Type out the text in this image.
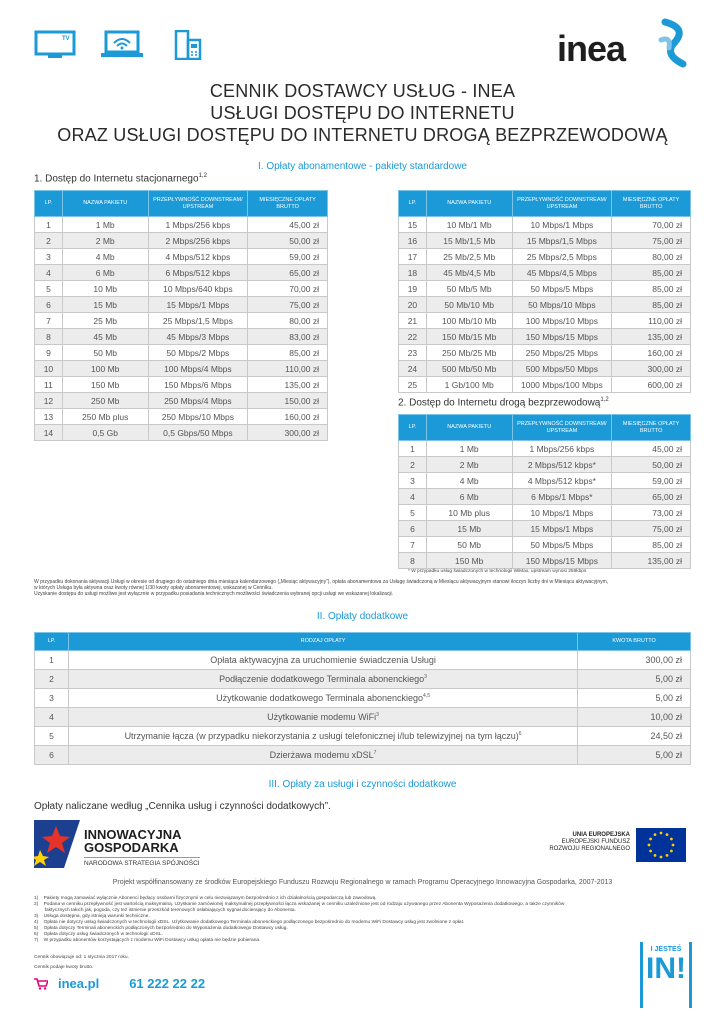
TV	inea
CENNIK DOSTAWCY USŁUG - INEA
USŁUGI DOSTĘPU DO INTERNETU
ORAZ USŁUGI DOSTĘPU DO INTERNETU DROGĄ BEZPRZEWODOWĄ
I. Opłaty abonamentowe - pakiety standardowe
1. Dostęp do Internetu stacjonarnego$^{1,2}$
LP.	NAZWA PAKIETU	PRZEPŁYWNOŚĆ DOWNSTREAM/ UPSTREAM	MIESIĘCZNE OPŁATY BRUTTO
1	1 Mb	1 Mbps/256 kbps	45,00 zł
2	2 Mb	2 Mbps/256 kbps	50,00 zł
3	4 Mb	4 Mbps/512 kbps	59,00 zł
4	6 Mb	6 Mbps/512 kbps	65,00 zł
5	10 Mb	10 Mbps/640 kbps	70,00 zł
6	15 Mb	15 Mbps/1 Mbps	75,00 zł
7	25 Mb	25 Mbps/1,5 Mbps	80,00 zł
8	45 Mb	45 Mbps/3 Mbps	83,00 zł
9	50 Mb	50 Mbps/2 Mbps	85,00 zł
10	100 Mb	100 Mbps/4 Mbps	110,00 zł
11	150 Mb	150 Mbps/6 Mbps	135,00 zł
12	250 Mb	250 Mbps/4 Mbps	150,00 zł
13	250 Mb plus	250 Mbps/10 Mbps	160,00 zł
14	0,5 Gb	0,5 Gbps/50 Mbps	300,00 zł
LP.	NAZWA PAKIETU	PRZEPŁYWNOŚĆ DOWNSTREAM/ UPSTREAM	MIESIĘCZNE OPŁATY BRUTTO
15	10 Mb/1 Mb	10 Mbps/1 Mbps	70,00 zł
16	15 Mb/1,5 Mb	15 Mbps/1,5 Mbps	75,00 zł
17	25 Mb/2,5 Mb	25 Mbps/2,5 Mbps	80,00 zł
18	45 Mb/4,5 Mb	45 Mbps/4,5 Mbps	85,00 zł
19	50 Mb/5 Mb	50 Mbps/5 Mbps	85,00 zł
20	50 Mb/10 Mb	50 Mbps/10 Mbps	85,00 zł
21	100 Mb/10 Mb	100 Mbps/10 Mbps	110,00 zł
22	150 Mb/15 Mb	150 Mbps/15 Mbps	135,00 zł
23	250 Mb/25 Mb	250 Mbps/25 Mbps	160,00 zł
24	500 Mb/50 Mb	500 Mbps/50 Mbps	300,00 zł
25	1 Gb/100 Mb	1000 Mbps/100 Mbps	600,00 zł
2. Dostęp do Internetu drogą bezprzewodową$^{1,2}$
LP.	NAZWA PAKIETU	PRZEPŁYWNOŚĆ DOWNSTREAM/ UPSTREAM	MIESIĘCZNE OPŁATY BRUTTO
1	1 Mb	1 Mbps/256 kbps	45,00 zł
2	2 Mb	2 Mbps/512 kbps*	50,00 zł
3	4 Mb	4 Mbps/512 kbps*	59,00 zł
4	6 Mb	6 Mbps/1 Mbps*	65,00 zł
5	10 Mb plus	10 Mbps/1 Mbps	73,00 zł
6	15 Mb	15 Mbps/1 Mbps	75,00 zł
7	50 Mb	50 Mbps/5 Mbps	85,00 zł
8	150 Mb	150 Mbps/15 Mbps	135,00 zł
* W przypadku usług świadczonych w technologii WiMax, upstream wynosi 256kbps
W przypadku dokonania aktywacji Usługi w okresie od drugiego do ostatniego dnia miesiąca kalendarzowego („Miesiąc aktywacyjny”), opłata abonamentowa za Usługę świadczoną w Miesiącu aktywacyjnym stanowi iloczyn liczby dni w Miesiącu aktywacyjnym,
w których Usługa była aktywna oraz kwoty równej 1/30 kwoty opłaty abonamentowej, wskazanej w Cenniku.
Uzyskanie dostępu do usługi możliwe jest wyłącznie w przypadku posiadania technicznych możliwości świadczenia wybranej opcji usługi we wskazanej lokalizacji.
II. Opłaty dodatkowe
LP.	RODZAJ OPŁATY	KWOTA BRUTTO
1	Opłata aktywacyjna za uruchomienie świadczenia Usługi	300,00 zł
2	Podłączenie dodatkowego Terminala abonenckiego$^3$	5,00 zł
3	Użytkowanie dodatkowego Terminala abonenckiego$^{4,5}$	5,00 zł
4	Użytkowanie modemu WiFi$^3$	10,00 zł
5	Utrzymanie łącza (w przypadku niekorzystania z usługi telefonicznej i/lub telewizyjnej na tym łączu)$^6$	24,50 zł
6	Dzierżawa modemu xDSL$^7$	5,00 zł
III. Opłaty za usługi i czynności dodatkowe
Opłaty naliczane według „Cennika usług i czynności dodatkowych”.
INNOWACYJNA
GOSPODARKA
NARODOWA STRATEGIA SPÓJNOŚCI
UNIA EUROPEJSKA
EUROPEJSKI FUNDUSZ
ROZWOJU REGIONALNEGO
Projekt współfinansowany ze środków Europejskiego Funduszu Rozwoju Regionalnego w ramach Programu Operacyjnego Innowacyjna Gospodarka, 2007-2013
1)    Pakiety mogą zamawiać wyłącznie Abonenci będący osobami fizycznymi w celu niezwiązanym bezpośrednio z ich działalnością gospodarczą lub zawodową.
2)    Podana w cenniku przepływność jest wartością maksymalną. Uzyskanie zamówionej maksymalnej przepływności łącza wskazanej w cenniku uzależnione jest od rodzaju używanego przez Abonenta Wyposażenia dodatkowego, a także czynników
faktycznych takich jak, pogoda, czy też istnienie przeszkód terenowych osłabiających sygnał docierający do Abonenta.
3)    Usługa dostępna, gdy istnieją warunki techniczne.
4)    Opłata nie dotyczy usług świadczonych w technologii xDSL. Użytkowanie dodatkowego Terminala abonenckiego podłączonego bezpośrednio do modemu WiFi Dostawcy usług jest zwolnione z opłat.
5)    Opłata dotyczy Terminali abonenckich podłączonych bezpośrednio do Wyposażenia dodatkowego Dostawcy usług.
6)    Opłata dotyczy usług świadczonych w technologii xDSL.
7)    W przypadku abonentów korzystających z modemu WiFi Dostawcy usług opłata nie będzie pobierana.
Cennik obowiązuje od: 1 stycznia 2017 roku.
Cennik podaje kwoty brutto.
inea.pl 61 222 22 22
I JESTEŚ
IN!
